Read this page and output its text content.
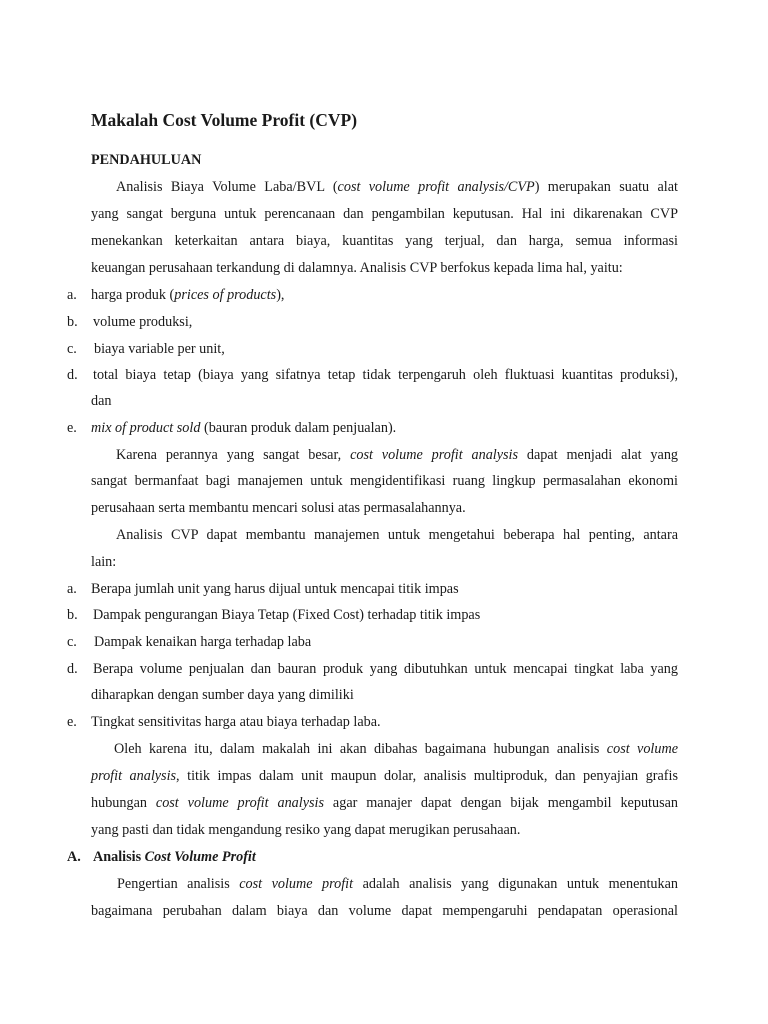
Makalah Cost Volume Profit (CVP)
PENDAHULUAN
Analisis Biaya Volume Laba/BVL (cost volume profit analysis/CVP) merupakan suatu alat
yang sangat berguna untuk perencanaan dan pengambilan keputusan. Hal ini dikarenakan CVP
menekankan keterkaitan antara biaya, kuantitas yang terjual, dan harga, semua informasi
keuangan perusahaan terkandung di dalamnya. Analisis CVP berfokus kepada lima hal, yaitu:
a. harga produk (prices of products),
b. volume produksi,
c. biaya variable per unit,
d. total biaya tetap (biaya yang sifatnya tetap tidak terpengaruh oleh fluktuasi kuantitas produksi),
dan
e. mix of product sold (bauran produk dalam penjualan).
Karena perannya yang sangat besar, cost volume profit analysis dapat menjadi alat yang
sangat bermanfaat bagi manajemen untuk mengidentifikasi ruang lingkup permasalahan ekonomi
perusahaan serta membantu mencari solusi atas permasalahannya.
Analisis CVP dapat membantu manajemen untuk mengetahui beberapa hal penting, antara
lain:
a. Berapa jumlah unit yang harus dijual untuk mencapai titik impas
b. Dampak pengurangan Biaya Tetap (Fixed Cost) terhadap titik impas
c. Dampak kenaikan harga terhadap laba
d. Berapa volume penjualan dan bauran produk yang dibutuhkan untuk mencapai tingkat laba yang
diharapkan dengan sumber daya yang dimiliki
e. Tingkat sensitivitas harga atau biaya terhadap laba.
Oleh karena itu, dalam makalah ini akan dibahas bagaimana hubungan analisis cost volume
profit analysis, titik impas dalam unit maupun dolar, analisis multiproduk, dan penyajian grafis
hubungan cost volume profit analysis agar manajer dapat dengan bijak mengambil keputusan
yang pasti dan tidak mengandung resiko yang dapat merugikan perusahaan.
A. Analisis Cost Volume Profit
Pengertian analisis cost volume profit adalah analisis yang digunakan untuk menentukan
bagaimana perubahan dalam biaya dan volume dapat mempengaruhi pendapatan operasional
